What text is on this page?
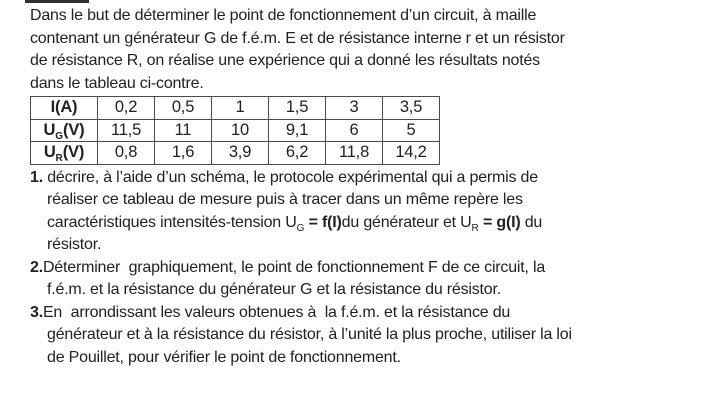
Dans le but de déterminer le point de fonctionnement d’un circuit, à maille
contenant un générateur G de f.é.m. E et de résistance interne r et un résistor
de résistance R, on réalise une expérience qui a donné les résultats notés
dans le tableau ci-contre.
I(A)	0,2	0,5	1	1,5	3	3,5
$U_G(V)$	11,5	11	10	9,1	6	5
$U_R(V)$	0,8	1,6	3,9	6,2	11,8	14,2
1. décrire, à l’aide d’un schéma, le protocole expérimental qui a permis de
réaliser ce tableau de mesure puis à tracer dans un même repère les
caractéristiques intensités-tension $U_G = f(I)du$ générateur et $U_R = g(I)$ du
résistor.
2.Déterminer  graphiquement, le point de fonctionnement F de ce circuit, la
f.é.m. et la résistance du générateur G et la résistance du résistor.
3.En  arrondissant les valeurs obtenues à  la f.é.m. et la résistance du
générateur et à la résistance du résistor, à l’unité la plus proche, utiliser la loi
de Pouillet, pour vérifier le point de fonctionnement.
